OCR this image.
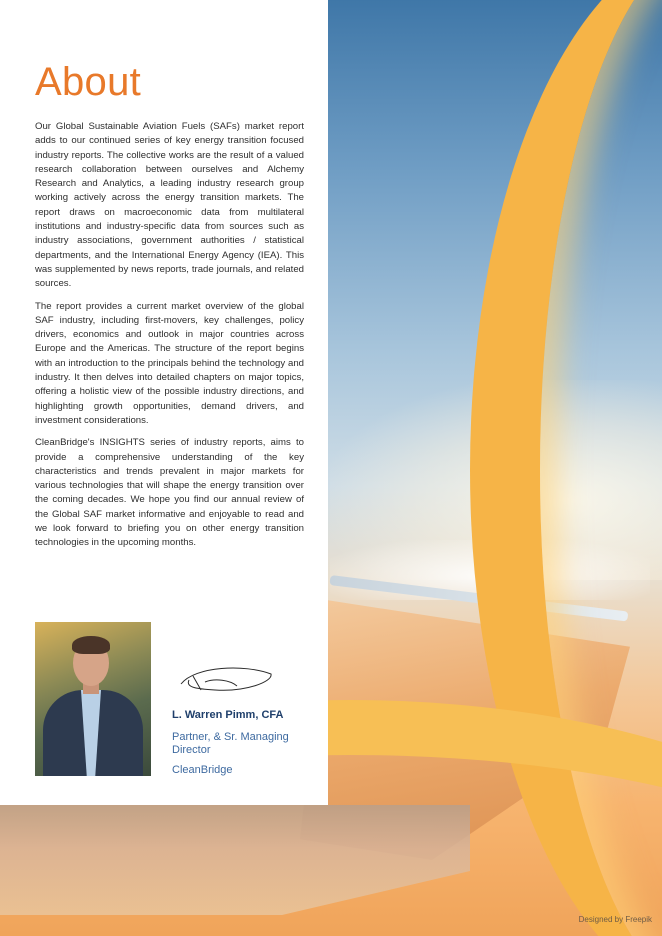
Designed by Freepik
About

Our Global Sustainable Aviation Fuels (SAFs) market report adds to our continued series of key energy transition focused industry reports. The collective works are the result of a valued research collaboration between ourselves and Alchemy Research and Analytics, a leading industry research group working actively across the energy transition markets. The report draws on macroeconomic data from multilateral institutions and industry-specific data from sources such as industry associations, government authorities / statistical departments, and the International Energy Agency (IEA). This was supplemented by news reports, trade journals, and related sources.

The report provides a current market overview of the global SAF industry, including first-movers, key challenges, policy drivers, economics and outlook in major countries across Europe and the Americas. The structure of the report begins with an introduction to the principals behind the technology and industry. It then delves into detailed chapters on major topics, offering a holistic view of the possible industry directions, and highlighting growth opportunities, demand drivers, and investment considerations.

CleanBridge's INSIGHTS series of industry reports, aims to provide a comprehensive understanding of the key characteristics and trends prevalent in major markets for various technologies that will shape the energy transition over the coming decades. We hope you find our annual review of the Global SAF market informative and enjoyable to read and we look forward to briefing you on other energy transition technologies in the upcoming months.

L. Warren Pimm, CFA
Partner, & Sr. Managing Director
CleanBridge
